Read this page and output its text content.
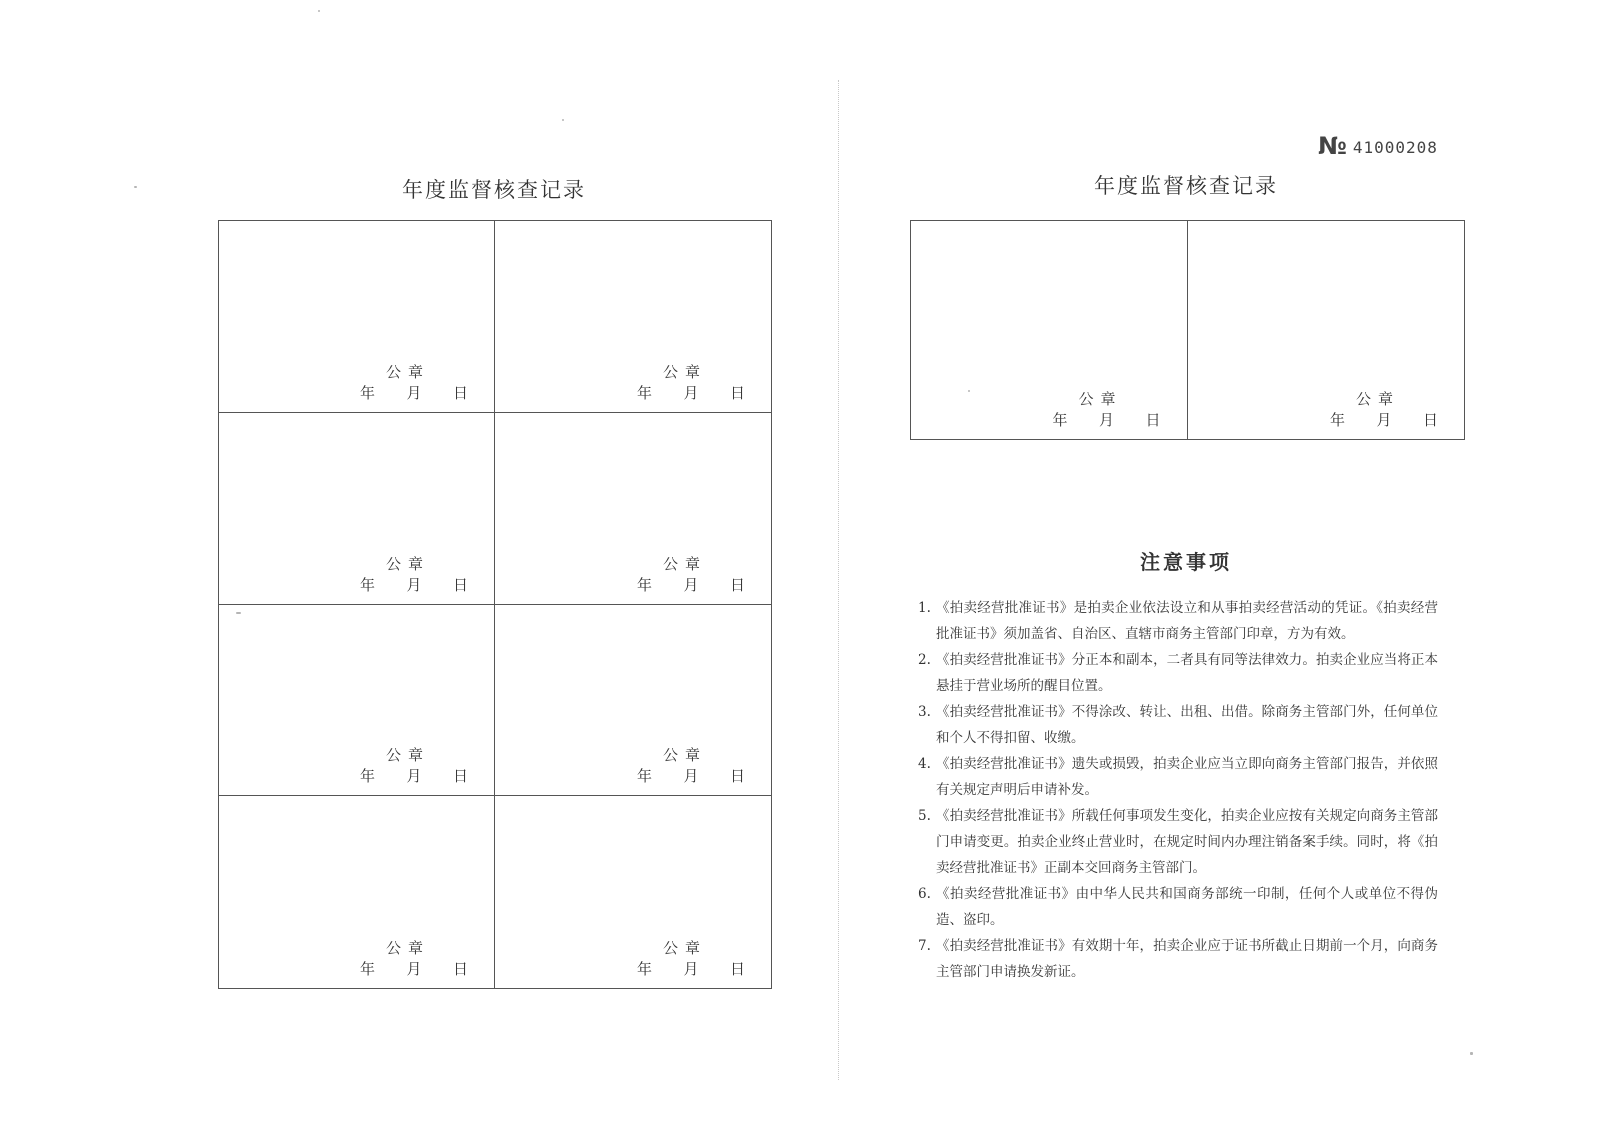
年度监督核查记录
公章
年 月 日
公章
年 月 日
公章
年 月 日
公章
年 月 日
公章
年 月 日
公章
年 月 日
公章
年 月 日
公章
年 月 日
№ 41000208
年度监督核查记录
公章
年 月 日
公章
年 月 日
注意事项
1. 《拍卖经营批准证书》是拍卖企业依法设立和从事拍卖经营活动的凭证。《拍卖经营批准证书》须加盖省、自治区、直辖市商务主管部门印章，方为有效。
2. 《拍卖经营批准证书》分正本和副本，二者具有同等法律效力。拍卖企业应当将正本悬挂于营业场所的醒目位置。
3. 《拍卖经营批准证书》不得涂改、转让、出租、出借。除商务主管部门外，任何单位和个人不得扣留、收缴。
4. 《拍卖经营批准证书》遗失或损毁，拍卖企业应当立即向商务主管部门报告，并依照有关规定声明后申请补发。
5. 《拍卖经营批准证书》所载任何事项发生变化，拍卖企业应按有关规定向商务主管部门申请变更。拍卖企业终止营业时，在规定时间内办理注销备案手续。同时，将《拍卖经营批准证书》正副本交回商务主管部门。
6. 《拍卖经营批准证书》由中华人民共和国商务部统一印制，任何个人或单位不得伪造、盗印。
7. 《拍卖经营批准证书》有效期十年，拍卖企业应于证书所截止日期前一个月，向商务主管部门申请换发新证。
